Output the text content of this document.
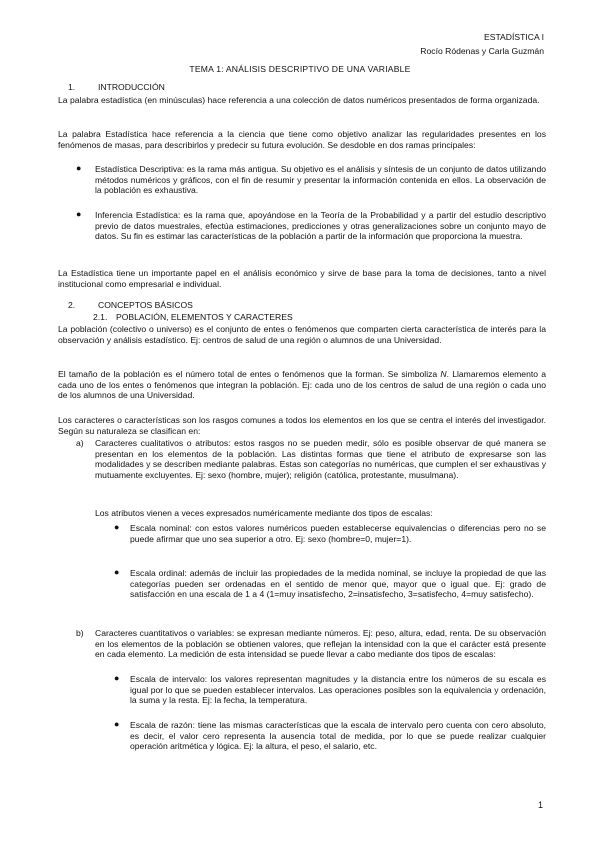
ESTADÍSTICA I
Rocío Ródenas y Carla Guzmán
TEMA 1: ANÁLISIS DESCRIPTIVO DE UNA VARIABLE
1.	INTRODUCCIÓN

La palabra estadística (en minúsculas) hace referencia a una colección de datos numéricos presentados de forma organizada.

La palabra Estadística hace referencia a la ciencia que tiene como objetivo analizar las regularidades presentes en los fenómenos de masas, para describirlos y predecir su futura evolución. Se desdoble en dos ramas principales:

● Estadística Descriptiva: es la rama más antigua. Su objetivo es el análisis y síntesis de un conjunto de datos utilizando métodos numéricos y gráficos, con el fin de resumir y presentar la información contenida en ellos. La observación de la población es exhaustiva.

● Inferencia Estadística: es la rama que, apoyándose en la Teoría de la Probabilidad y a partir del estudio descriptivo previo de datos muestrales, efectúa estimaciones, predicciones y otras generalizaciones sobre un conjunto mayo de datos. Su fin es estimar las características de la población a partir de la información que proporciona la muestra.

La Estadística tiene un importante papel en el análisis económico y sirve de base para la toma de decisiones, tanto a nivel institucional como empresarial e individual.

2.	CONCEPTOS BÁSICOS
2.1. POBLACIÓN, ELEMENTOS Y CARACTERES

La población (colectivo o universo) es el conjunto de entes o fenómenos que comparten cierta característica de interés para la observación y análisis estadístico. Ej: centros de salud de una región o alumnos de una Universidad.

El tamaño de la población es el número total de entes o fenómenos que la forman. Se simboliza N. Llamaremos elemento a cada uno de los entes o fenómenos que integran la población. Ej: cada uno de los centros de salud de una región o cada uno de los alumnos de una Universidad.

Los caracteres o características son los rasgos comunes a todos los elementos en los que se centra el interés del investigador. Según su naturaleza se clasifican en:

a) Caracteres cualitativos o atributos: estos rasgos no se pueden medir, sólo es posible observar de qué manera se presentan en los elementos de la población. Las distintas formas que tiene el atributo de expresarse son las modalidades y se describen mediante palabras. Estas son categorías no numéricas, que cumplen el ser exhaustivas y mutuamente excluyentes. Ej: sexo (hombre, mujer); religión (católica, protestante, musulmana).

Los atributos vienen a veces expresados numéricamente mediante dos tipos de escalas:

● Escala nominal: con estos valores numéricos pueden establecerse equivalencias o diferencias pero no se puede afirmar que uno sea superior a otro. Ej: sexo (hombre=0, mujer=1).

● Escala ordinal: además de incluir las propiedades de la medida nominal, se incluye la propiedad de que las categorías pueden ser ordenadas en el sentido de menor que, mayor que o igual que. Ej: grado de satisfacción en una escala de 1 a 4 (1=muy insatisfecho, 2=insatisfecho, 3=satisfecho, 4=muy satisfecho).

b) Caracteres cuantitativos o variables: se expresan mediante números. Ej: peso, altura, edad, renta. De su observación en los elementos de la población se obtienen valores, que reflejan la intensidad con la que el carácter está presente en cada elemento. La medición de esta intensidad se puede llevar a cabo mediante dos tipos de escalas:

● Escala de intervalo: los valores representan magnitudes y la distancia entre los números de su escala es igual por lo que se pueden establecer intervalos. Las operaciones posibles son la equivalencia y ordenación, la suma y la resta. Ej: la fecha, la temperatura.

● Escala de razón: tiene las mismas características que la escala de intervalo pero cuenta con cero absoluto, es decir, el valor cero representa la ausencia total de medida, por lo que se puede realizar cualquier operación aritmética y lógica. Ej: la altura, el peso, el salario, etc.

1
